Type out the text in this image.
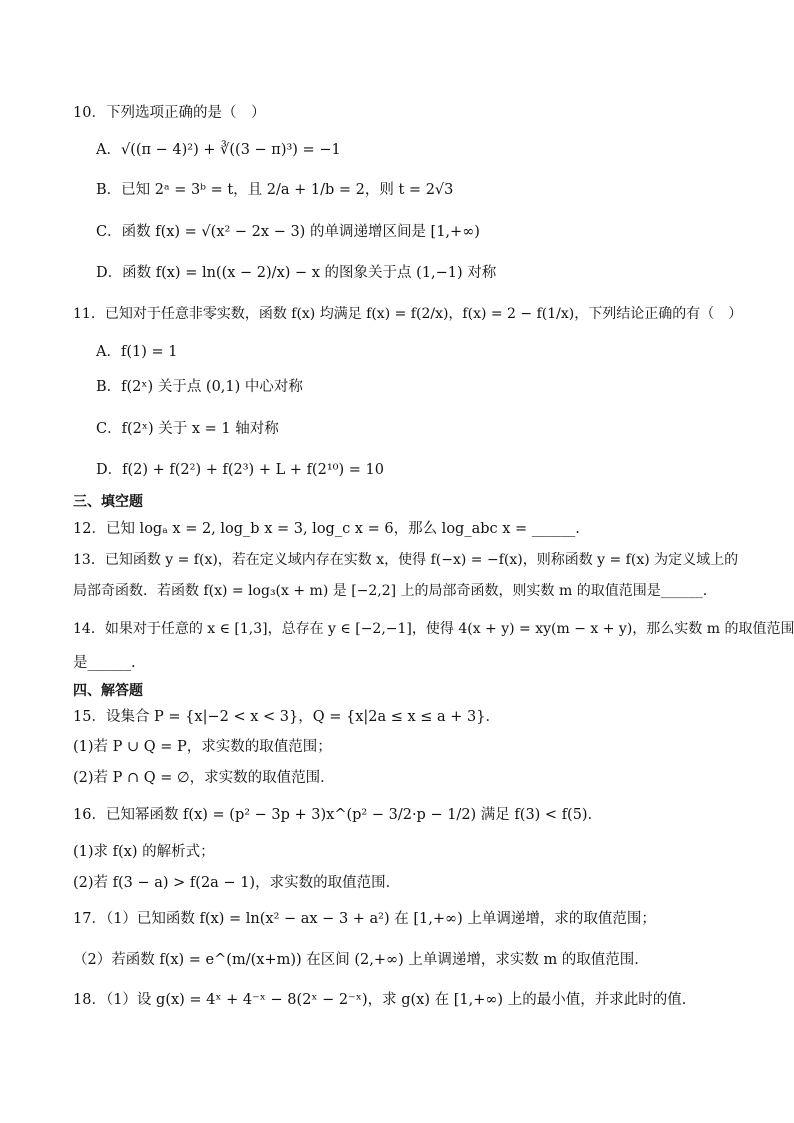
10．下列选项正确的是（　）
A．√((π − 4)²) + ∛((3 − π)³) = −1
B．已知 2ᵃ = 3ᵇ = t，且 2/a + 1/b = 2，则 t = 2√3
C．函数 f(x) = √(x² − 2x − 3) 的单调递增区间是 [1,+∞)
D．函数 f(x) = ln((x − 2)/x) − x 的图象关于点 (1,−1) 对称
11．已知对于任意非零实数，函数 f(x) 均满足 f(x) = f(2/x)，f(x) = 2 − f(1/x)，下列结论正确的有（　）
A．f(1) = 1
B．f(2ˣ) 关于点 (0,1) 中心对称
C．f(2ˣ) 关于 x = 1 轴对称
D．f(2) + f(2²) + f(2³) + L + f(2¹⁰) = 10
三、填空题
12．已知 logₐ x = 2, log_b x = 3, log_c x = 6，那么 log_abc x = ______.
13．已知函数 y = f(x)，若在定义域内存在实数 x，使得 f(−x) = −f(x)，则称函数 y = f(x) 为定义域上的
局部奇函数．若函数 f(x) = log₃(x + m) 是 [−2,2] 上的局部奇函数，则实数 m 的取值范围是______.
14．如果对于任意的 x ∈ [1,3]，总存在 y ∈ [−2,−1]，使得 4(x + y) = xy(m − x + y)，那么实数 m 的取值范围
是______.
四、解答题
15．设集合 P = {x|−2 < x < 3}，Q = {x|2a ≤ x ≤ a + 3}．
(1)若 P ∪ Q = P，求实数的取值范围；
(2)若 P ∩ Q = ∅，求实数的取值范围．
16．已知幂函数 f(x) = (p² − 3p + 3)x^(p² − 3/2·p − 1/2) 满足 f(3) < f(5)．
(1)求 f(x) 的解析式；
(2)若 f(3 − a) > f(2a − 1)，求实数的取值范围．
17．（1）已知函数 f(x) = ln(x² − ax − 3 + a²) 在 [1,+∞) 上单调递增，求的取值范围；
（2）若函数 f(x) = e^(m/(x+m)) 在区间 (2,+∞) 上单调递增，求实数 m 的取值范围.
18．（1）设 g(x) = 4ˣ + 4⁻ˣ − 8(2ˣ − 2⁻ˣ)，求 g(x) 在 [1,+∞) 上的最小值，并求此时的值.
